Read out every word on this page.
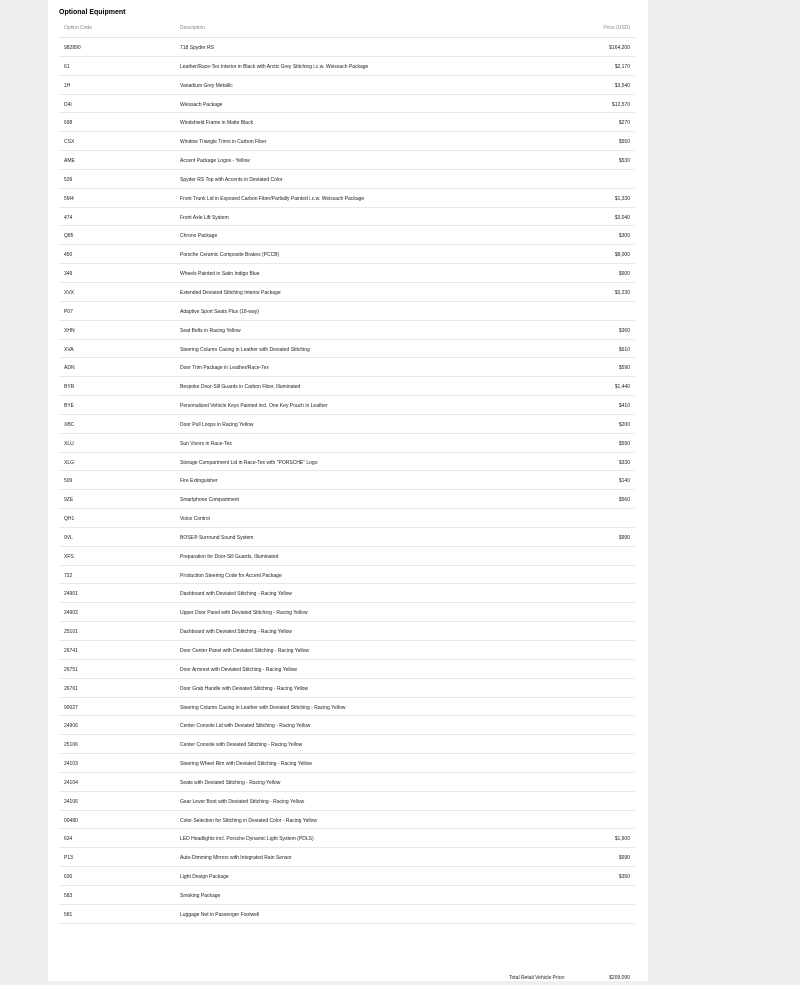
Optional Equipment
Option Code	Description	Price (USD)
982890	718 Spyder RS	$164,200
61	Leather/Race-Tex Interior in Black with Arctic Grey Stitching i.c.w. Weissach Package	$2,170
1H	Vanadium Grey Metallic	$3,540
D4I	Weissach Package	$12,570
698	Windshield Frame in Matte Black	$270
CSX	Window Triangle Trims in Carbon Fiber	$550
AME	Accent Package Logos - Yellow	$530
539	Spyder RS Top with Accents in Deviated Color
5M4	Front Trunk Lid in Exposed Carbon Fiber/Partially Painted i.c.w. Weissach Package	$1,330
474	Front Axle Lift System	$3,040
Q85	Chrono Package	$300
450	Porsche Ceramic Composite Brakes (PCCB)	$8,000
349	Wheels Painted in Satin Indigo Blue	$600
XVX	Extended Deviated Stitching Interior Package	$3,230
P07	Adaptive Sport Seats Plus (18-way)
XHN	Seat Belts in Racing Yellow	$360
XVA	Steering Column Casing in Leather with Deviated Stitching	$610
ADN	Door Trim Package in Leather/Race-Tex	$590
BYR	Bespoke Door-Sill Guards in Carbon Fiber, Illuminated	$1,440
BYE	Personalized Vehicle Keys Painted incl. One Key Pouch in Leather	$410
XBC	Door Pull Loops in Racing Yellow	$200
XLU	Sun Visors in Race-Tex	$590
XLG	Storage Compartment Lid in Race-Tex with "PORSCHE" Logo	$330
509	Fire Extinguisher	$140
9ZE	Smartphone Compartment	$560
QH1	Voice Control
9VL	BOSE® Surround Sound System	$990
XFS	Preparation for Door-Sill Guards, Illuminated
722	Production Steering Code for Accent Package
24901	Dashboard with Deviated Stitching - Racing Yellow
24902	Upper Door Panel with Deviated Stitching - Racing Yellow
25101	Dashboard with Deviated Stitching - Racing Yellow
26741	Door Center Panel with Deviated Stitching - Racing Yellow
26751	Door Armrest with Deviated Stitching - Racing Yellow
26761	Door Grab Handle with Deviated Stitching - Racing Yellow
90027	Steering Column Casing in Leather with Deviated Stitching - Racing Yellow
24906	Center Console Lid with Deviated Stitching - Racing Yellow
25106	Center Console with Deviated Stitching - Racing Yellow
24103	Steering Wheel Rim with Deviated Stitching - Racing Yellow
24104	Seats with Deviated Stitching - Racing Yellow
24106	Gear Lever Boot with Deviated Stitching - Racing Yellow
00480	Color Selection for Stitching in Deviated Color - Racing Yellow
634	LED Headlights incl. Porsche Dynamic Light System (PDLS)	$1,600
P13	Auto-Dimming Mirrors with Integrated Rain Sensor	$690
630	Light Design Package	$350
583	Smoking Package
581	Luggage Net in Passenger Footwell
Total Retail Vehicle Price:	$209,090
